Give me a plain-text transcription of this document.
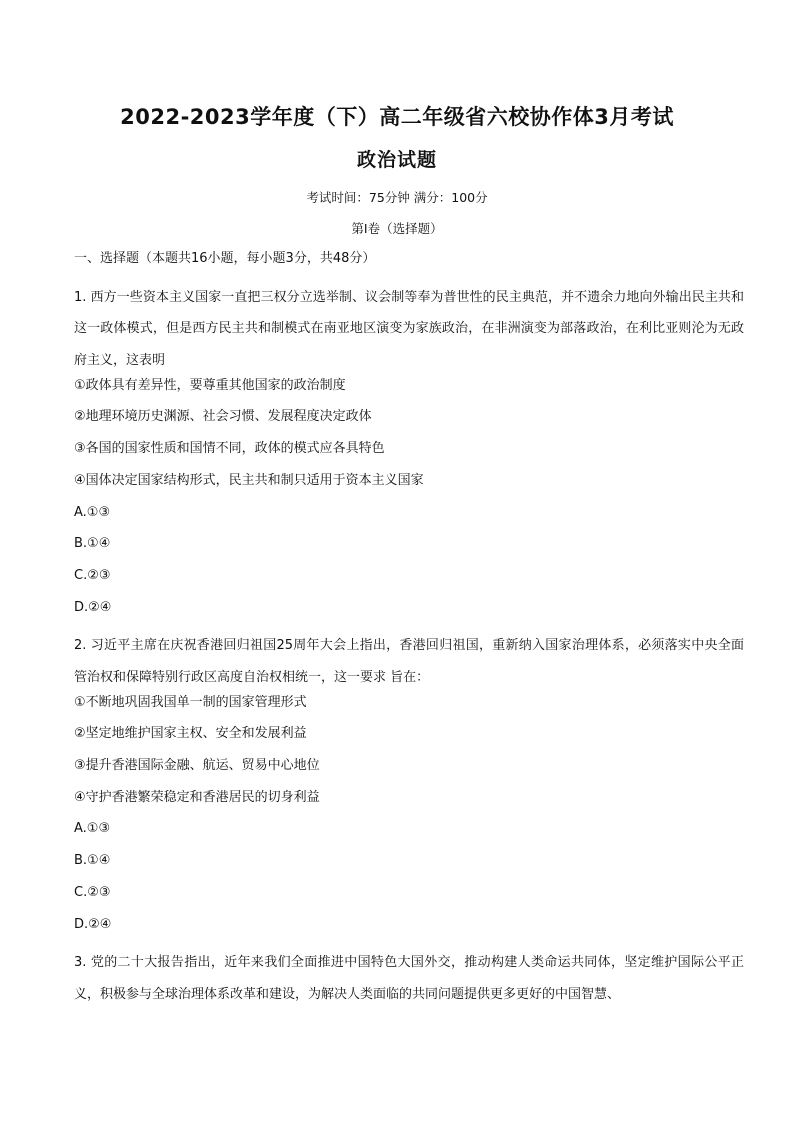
2022-2023学年度（下）高二年级省六校协作体3月考试
政治试题
考试时间：75分钟 满分：100分
第Ⅰ卷（选择题）
一、选择题（本题共16小题，每小题3分，共48分）
1. 西方一些资本主义国家一直把三权分立选举制、议会制等奉为普世性的民主典范，并不遗余力地向外输出民主共和这一政体模式，但是西方民主共和制模式在南亚地区演变为家族政治，在非洲演变为部落政治，在利比亚则沦为无政府主义，这表明
①政体具有差异性，要尊重其他国家的政治制度
②地理环境历史渊源、社会习惯、发展程度决定政体
③各国的国家性质和国情不同，政体的模式应各具特色
④国体决定国家结构形式，民主共和制只适用于资本主义国家
A.①③
B.①④
C.②③
D.②④
2. 习近平主席在庆祝香港回归祖国25周年大会上指出，香港回归祖国，重新纳入国家治理体系，必须落实中央全面管治权和保障特别行政区高度自治权相统一，这一要求 旨在：
①不断地巩固我国单一制的国家管理形式
②坚定地维护国家主权、安全和发展利益
③提升香港国际金融、航运、贸易中心地位
④守护香港繁荣稳定和香港居民的切身利益
A.①③
B.①④
C.②③
D.②④
3. 党的二十大报告指出，近年来我们全面推进中国特色大国外交，推动构建人类命运共同体，坚定维护国际公平正义，积极参与全球治理体系改革和建设，为解决人类面临的共同问题提供更多更好的中国智慧、
